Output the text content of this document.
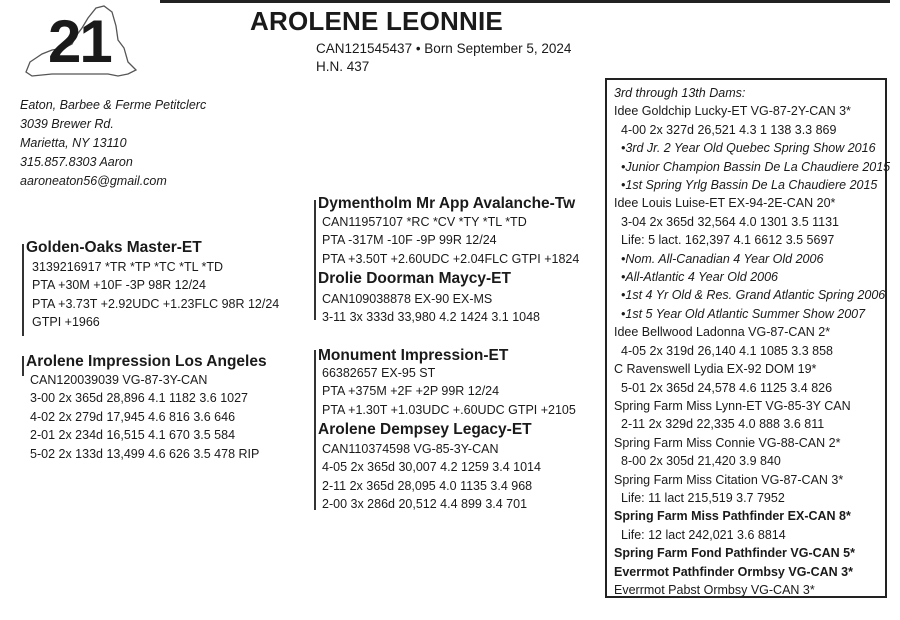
21	AROLENE LEONNIE
CAN121545437 • Born September 5, 2024
H.N. 437
Eaton, Barbee & Ferme Petitclerc
3039 Brewer Rd.
Marietta, NY 13110
315.857.8303 Aaron
aaroneaton56@gmail.com
Golden-Oaks Master-ET
3139216917 *TR *TP *TC *TL *TD
PTA +30M +10F -3P 98R 12/24
PTA +3.73T +2.92UDC +1.23FLC 98R 12/24
GTPI +1966
Arolene Impression Los Angeles
CAN120039039 VG-87-3Y-CAN
3-00 2x 365d 28,896 4.1 1182 3.6 1027
4-02 2x 279d 17,945 4.6 816 3.6 646
2-01 2x 234d 16,515 4.1 670 3.5 584
5-02 2x 133d 13,499 4.6 626 3.5 478 RIP
Dymentholm Mr App Avalanche-Tw
CAN11957107 *RC *CV *TY *TL *TD
PTA -317M -10F -9P 99R 12/24
PTA +3.50T +2.60UDC +2.04FLC GTPI +1824
Drolie Doorman Maycy-ET
CAN109038878 EX-90 EX-MS
3-11 3x 333d 33,980 4.2 1424 3.1 1048
Monument Impression-ET
66382657 EX-95 ST
PTA +375M +2F +2P 99R 12/24
PTA +1.30T +1.03UDC +.60UDC GTPI +2105
Arolene Dempsey Legacy-ET
CAN110374598 VG-85-3Y-CAN
4-05 2x 365d 30,007 4.2 1259 3.4 1014
2-11 2x 365d 28,095 4.0 1135 3.4 968
2-00 3x 286d 20,512 4.4 899 3.4 701
3rd through 13th Dams:
Idee Goldchip Lucky-ET VG-87-2Y-CAN 3*
4-00 2x 327d 26,521 4.3 1 138 3.3 869
•3rd Jr. 2 Year Old Quebec Spring Show 2016
•Junior Champion Bassin De La Chaudiere 2015
•1st Spring Yrlg Bassin De La Chaudiere 2015
Idee Louis Luise-ET EX-94-2E-CAN 20*
3-04 2x 365d 32,564 4.0 1301 3.5 1131
Life: 5 lact. 162,397 4.1 6612 3.5 5697
•Nom. All-Canadian 4 Year Old 2006
•All-Atlantic 4 Year Old 2006
•1st 4 Yr Old & Res. Grand Atlantic Spring 2006
•1st 5 Year Old Atlantic Summer Show 2007
Idee Bellwood Ladonna VG-87-CAN 2*
4-05 2x 319d 26,140 4.1 1085 3.3 858
C Ravenswell Lydia EX-92 DOM 19*
5-01 2x 365d 24,578 4.6 1125 3.4 826
Spring Farm Miss Lynn-ET VG-85-3Y CAN
2-11 2x 329d 22,335 4.0 888 3.6 811
Spring Farm Miss Connie VG-88-CAN 2*
8-00 2x 305d 21,420 3.9 840
Spring Farm Miss Citation VG-87-CAN 3*
Life: 11 lact 215,519 3.7 7952
Spring Farm Miss Pathfinder EX-CAN 8*
Life: 12 lact 242,021 3.6 8814
Spring Farm Fond Pathfinder VG-CAN 5*
Everrmot Pathfinder Ormbsy VG-CAN 3*
Everrmot Pabst Ormbsy VG-CAN 3*
